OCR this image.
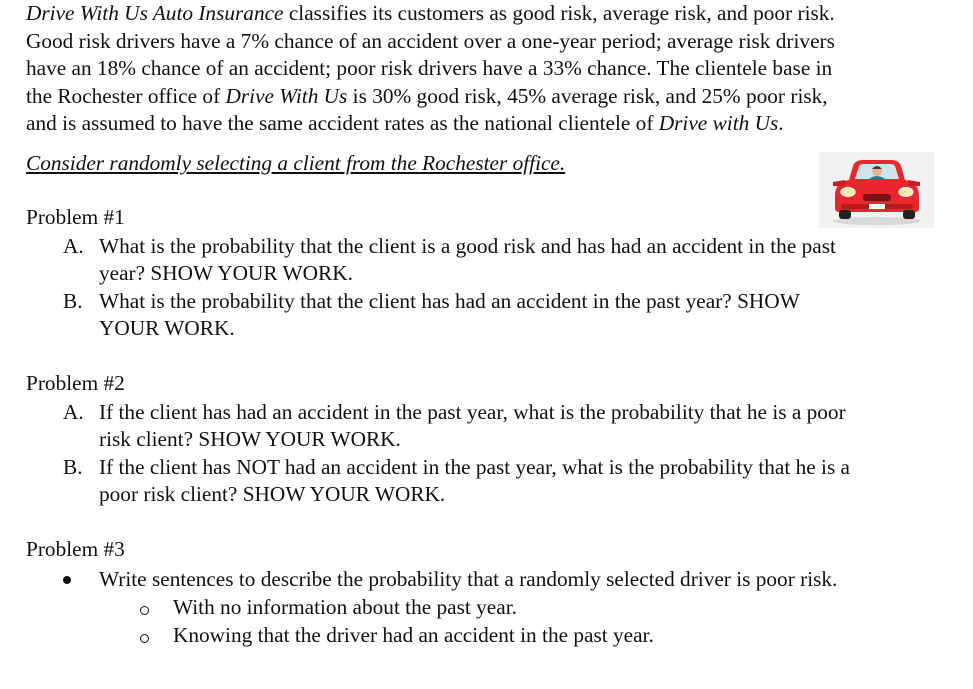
Drive With Us Auto Insurance classifies its customers as good risk, average risk, and poor risk.
Good risk drivers have a 7% chance of an accident over a one-year period; average risk drivers
have an 18% chance of an accident; poor risk drivers have a 33% chance. The clientele base in
the Rochester office of Drive With Us is 30% good risk, 45% average risk, and 25% poor risk,
and is assumed to have the same accident rates as the national clientele of Drive with Us.
Consider randomly selecting a client from the Rochester office.
Problem #1
A. What is the probability that the client is a good risk and has had an accident in the past
year? SHOW YOUR WORK.
B. What is the probability that the client has had an accident in the past year? SHOW
YOUR WORK.
Problem #2
A. If the client has had an accident in the past year, what is the probability that he is a poor
risk client? SHOW YOUR WORK.
B. If the client has NOT had an accident in the past year, what is the probability that he is a
poor risk client? SHOW YOUR WORK.
Problem #3
Write sentences to describe the probability that a randomly selected driver is poor risk.
With no information about the past year.
Knowing that the driver had an accident in the past year.
